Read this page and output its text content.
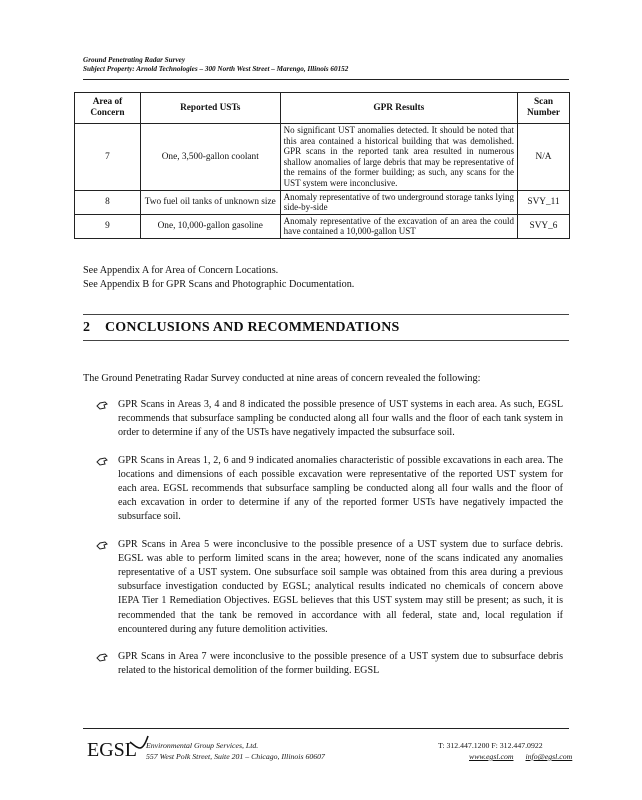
Ground Penetrating Radar Survey
Subject Property: Arnold Technologies – 300 North West Street – Marengo, Illinois 60152
Area of Concern	Reported USTs	GPR Results	Scan Number
7	One, 3,500-gallon coolant	No significant UST anomalies detected. It should be noted that this area contained a historical building that was demolished. GPR scans in the reported tank area resulted in numerous shallow anomalies of large debris that may be representative of the remains of the former building; as such, any scans for the UST system were inconclusive.	N/A
8	Two fuel oil tanks of unknown size	Anomaly representative of two underground storage tanks lying side-by-side	SVY_11
9	One, 10,000-gallon gasoline	Anomaly representative of the excavation of an area the could have contained a 10,000-gallon UST	SVY_6
See Appendix A for Area of Concern Locations.
See Appendix B for GPR Scans and Photographic Documentation.
2 CONCLUSIONS AND RECOMMENDATIONS
The Ground Penetrating Radar Survey conducted at nine areas of concern revealed the following:
GPR Scans in Areas 3, 4 and 8 indicated the possible presence of UST systems in each area. As such, EGSL recommends that subsurface sampling be conducted along all four walls and the floor of each tank system in order to determine if any of the USTs have negatively impacted the subsurface soil.
GPR Scans in Areas 1, 2, 6 and 9 indicated anomalies characteristic of possible excavations in each area. The locations and dimensions of each possible excavation were representative of the reported UST system for each area. EGSL recommends that subsurface sampling be conducted along all four walls and the floor of each excavation in order to determine if any of the reported former USTs have negatively impacted the subsurface soil.
GPR Scans in Area 5 were inconclusive to the possible presence of a UST system due to surface debris. EGSL was able to perform limited scans in the area; however, none of the scans indicated any anomalies representative of a UST system. One subsurface soil sample was obtained from this area during a previous subsurface investigation conducted by EGSL; analytical results indicated no chemicals of concern above IEPA Tier 1 Remediation Objectives. EGSL believes that this UST system may still be present; as such, it is recommended that the tank be removed in accordance with all federal, state and, local regulation if encountered during any future demolition activities.
GPR Scans in Area 7 were inconclusive to the possible presence of a UST system due to subsurface debris related to the historical demolition of the former building. EGSL
EGSL Environmental Group Services, Ltd.
557 West Polk Street, Suite 201 – Chicago, Illinois 60607
T: 312.447.1200 F: 312.447.0922
www.egsl.com info@egsl.com
